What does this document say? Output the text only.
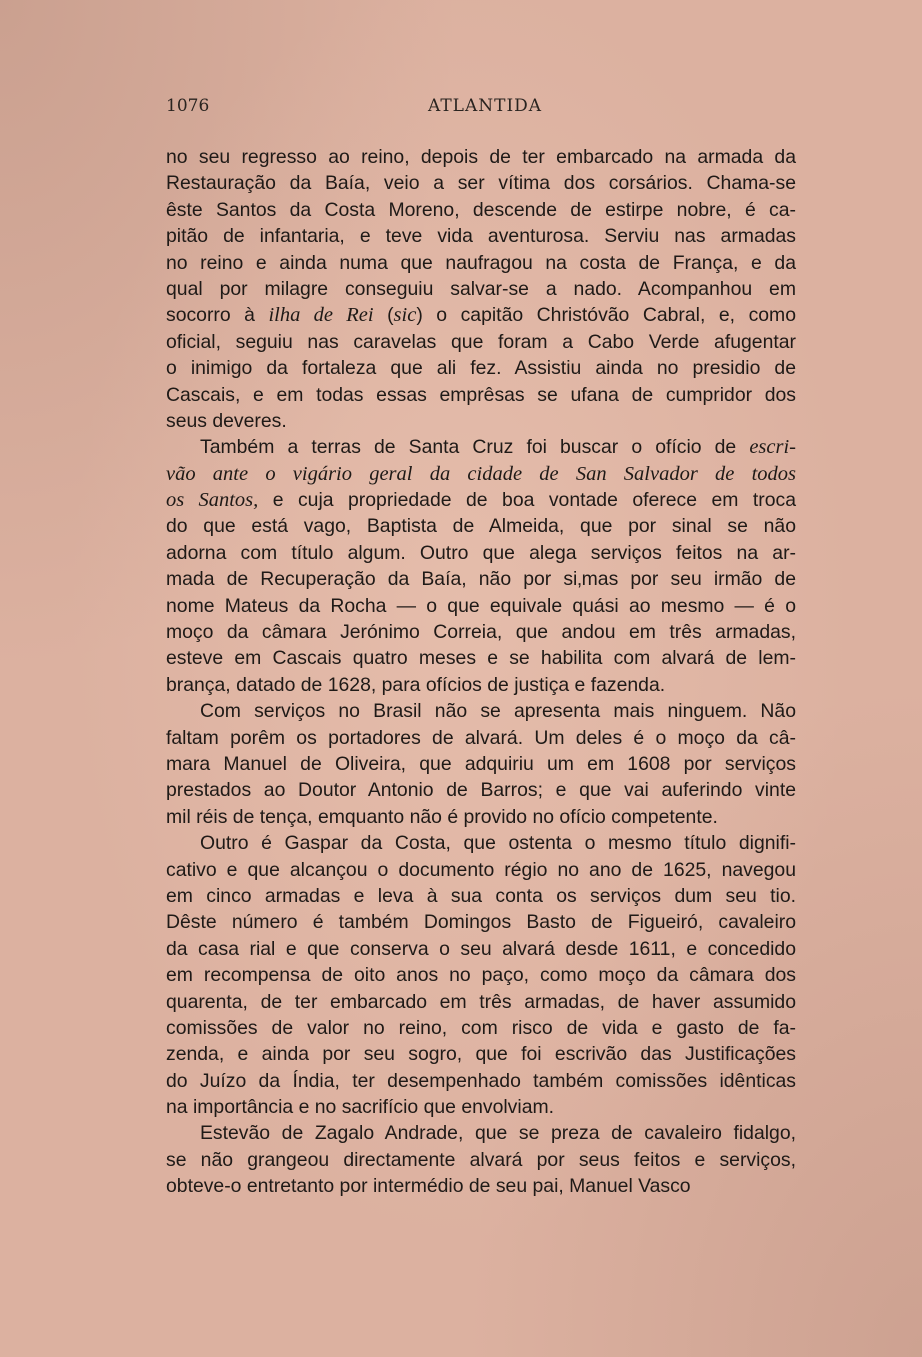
1076	ATLANTIDA
no seu regresso ao reino, depois de ter embarcado na armada da
Restauração da Baía, veio a ser vítima dos corsários. Chama-se
êste Santos da Costa Moreno, descende de estirpe nobre, é ca-
pitão de infantaria, e teve vida aventurosa. Serviu nas armadas
no reino e ainda numa que naufragou na costa de França, e da
qual por milagre conseguiu salvar-se a nado. Acompanhou em
socorro à ilha de Rei (sic) o capitão Christóvão Cabral, e, como
oficial, seguiu nas caravelas que foram a Cabo Verde afugentar
o inimigo da fortaleza que ali fez. Assistiu ainda no presidio de
Cascais, e em todas essas emprêsas se ufana de cumpridor dos
seus deveres.
Também a terras de Santa Cruz foi buscar o ofício de escri-
vão ante o vigário geral da cidade de San Salvador de todos
os Santos, e cuja propriedade de boa vontade oferece em troca
do que está vago, Baptista de Almeida, que por sinal se não
adorna com título algum. Outro que alega serviços feitos na ar-
mada de Recuperação da Baía, não por si‚mas por seu irmão de
nome Mateus da Rocha — o que equivale quási ao mesmo — é o
moço da câmara Jerónimo Correia, que andou em três armadas,
esteve em Cascais quatro meses e se habilita com alvará de lem-
brança, datado de 1628, para ofícios de justiça e fazenda.
Com serviços no Brasil não se apresenta mais ninguem. Não
faltam porêm os portadores de alvará. Um deles é o moço da câ-
mara Manuel de Oliveira, que adquiriu um em 1608 por serviços
prestados ao Doutor Antonio de Barros; e que vai auferindo vinte
mil réis de tença, emquanto não é provido no ofício competente.
Outro é Gaspar da Costa, que ostenta o mesmo título dignifi-
cativo e que alcançou o documento régio no ano de 1625, navegou
em cinco armadas e leva à sua conta os serviços dum seu tio.
Dêste número é também Domingos Basto de Figueiró, cavaleiro
da casa rial e que conserva o seu alvará desde 1611, e concedido
em recompensa de oito anos no paço, como moço da câmara dos
quarenta, de ter embarcado em três armadas, de haver assumido
comissões de valor no reino, com risco de vida e gasto de fa-
zenda, e ainda por seu sogro, que foi escrivão das Justificações
do Juízo da Índia, ter desempenhado também comissões idênticas
na importância e no sacrifício que envolviam.
Estevão de Zagalo Andrade, que se preza de cavaleiro fidalgo,
se não grangeou directamente alvará por seus feitos e serviços,
obteve-o entretanto por intermédio de seu pai, Manuel Vasco
